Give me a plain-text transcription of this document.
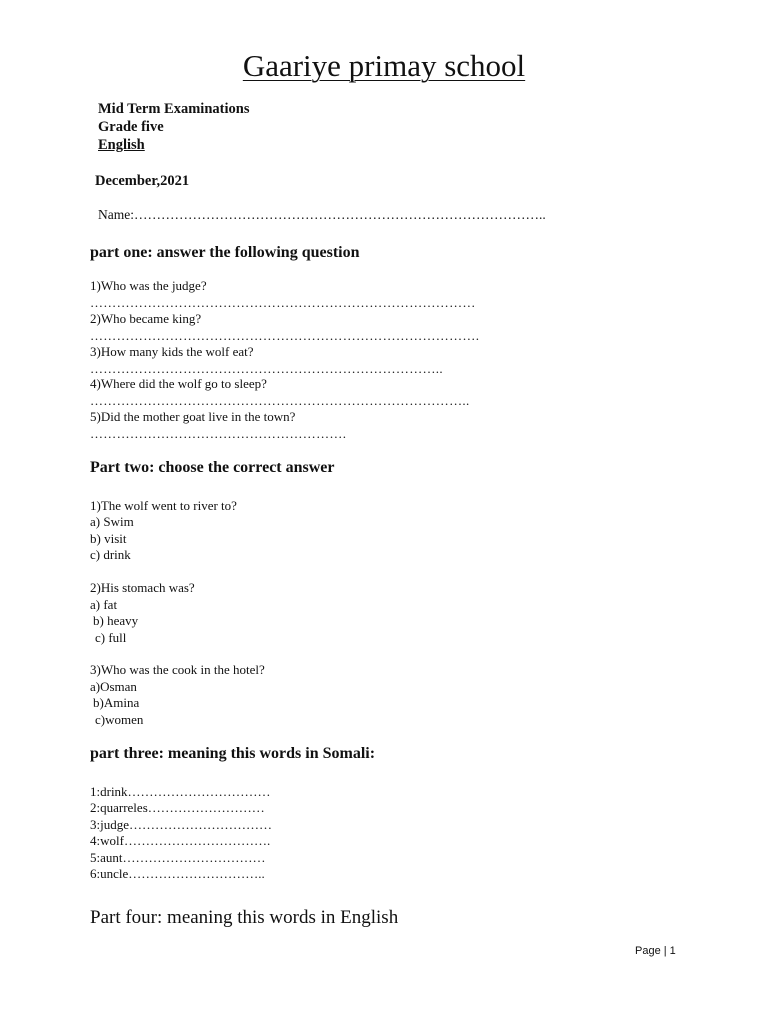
Gaariye primay school
Mid Term Examinations
Grade five
English
December,2021
Name:………………………………………………………………………………..
part one: answer the following question
1)Who was the judge?
……………………………………………………………………………
2)Who became king?
…………………………………………………………………………….
3)How many kids the wolf eat?
……………………………………………………………………..
4)Where did the wolf go to sleep?
…………………………………………………………………………..
5)Did the mother goat live in the town?
………………………………………………….
Part two: choose the correct answer
1)The wolf went to river to?
a) Swim
b) visit
c) drink
2)His stomach was?
a) fat
b) heavy
c) full
3)Who was the cook in the hotel?
a)Osman
b)Amina
c)women
part three: meaning this words in Somali:
1:drink……………………………
2:quarreles………………………
3:judge……………………………
4:wolf…………………………….
5:aunt……………………………
6:uncle…………………………..
Part four: meaning this words in English
Page | 1
